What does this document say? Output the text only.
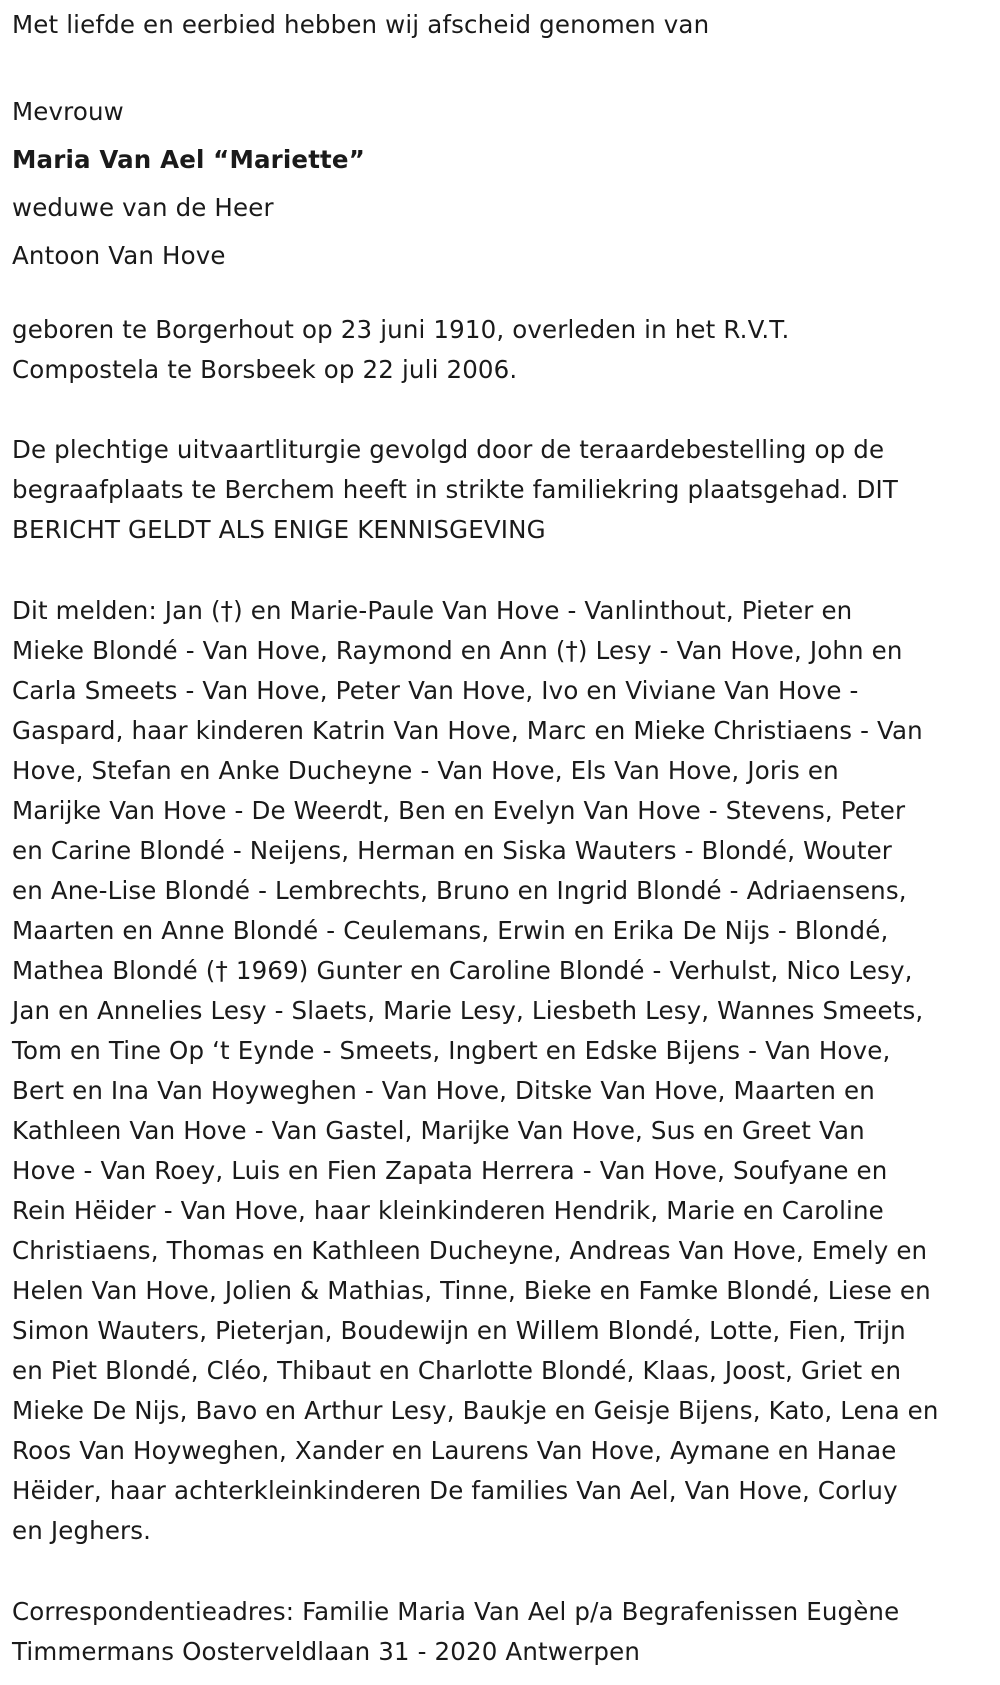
Met liefde en eerbied hebben wij afscheid genomen van
Mevrouw
Maria Van Ael “Mariette”
weduwe van de Heer
Antoon Van Hove
geboren te Borgerhout op 23 juni 1910, overleden in het R.V.T.
Compostela te Borsbeek op 22 juli 2006.
De plechtige uitvaartliturgie gevolgd door de teraardebestelling op de
begraafplaats te Berchem heeft in strikte familiekring plaatsgehad. DIT
BERICHT GELDT ALS ENIGE KENNISGEVING
Dit melden: Jan (†) en Marie-Paule Van Hove - Vanlinthout, Pieter en
Mieke Blondé - Van Hove, Raymond en Ann (†) Lesy - Van Hove, John en
Carla Smeets - Van Hove, Peter Van Hove, Ivo en Viviane Van Hove -
Gaspard, haar kinderen Katrin Van Hove, Marc en Mieke Christiaens - Van
Hove, Stefan en Anke Ducheyne - Van Hove, Els Van Hove, Joris en
Marijke Van Hove - De Weerdt, Ben en Evelyn Van Hove - Stevens, Peter
en Carine Blondé - Neijens, Herman en Siska Wauters - Blondé, Wouter
en Ane-Lise Blondé - Lembrechts, Bruno en Ingrid Blondé - Adriaensens,
Maarten en Anne Blondé - Ceulemans, Erwin en Erika De Nijs - Blondé,
Mathea Blondé († 1969) Gunter en Caroline Blondé - Verhulst, Nico Lesy,
Jan en Annelies Lesy - Slaets, Marie Lesy, Liesbeth Lesy, Wannes Smeets,
Tom en Tine Op ‘t Eynde - Smeets, Ingbert en Edske Bijens - Van Hove,
Bert en Ina Van Hoyweghen - Van Hove, Ditske Van Hove, Maarten en
Kathleen Van Hove - Van Gastel, Marijke Van Hove, Sus en Greet Van
Hove - Van Roey, Luis en Fien Zapata Herrera - Van Hove, Soufyane en
Rein Hëider - Van Hove, haar kleinkinderen Hendrik, Marie en Caroline
Christiaens, Thomas en Kathleen Ducheyne, Andreas Van Hove, Emely en
Helen Van Hove, Jolien & Mathias, Tinne, Bieke en Famke Blondé, Liese en
Simon Wauters, Pieterjan, Boudewijn en Willem Blondé, Lotte, Fien, Trijn
en Piet Blondé, Cléo, Thibaut en Charlotte Blondé, Klaas, Joost, Griet en
Mieke De Nijs, Bavo en Arthur Lesy, Baukje en Geisje Bijens, Kato, Lena en
Roos Van Hoyweghen, Xander en Laurens Van Hove, Aymane en Hanae
Hëider, haar achterkleinkinderen De families Van Ael, Van Hove, Corluy
en Jeghers.
Correspondentieadres: Familie Maria Van Ael p/a Begrafenissen Eugène
Timmermans Oosterveldlaan 31 - 2020 Antwerpen
